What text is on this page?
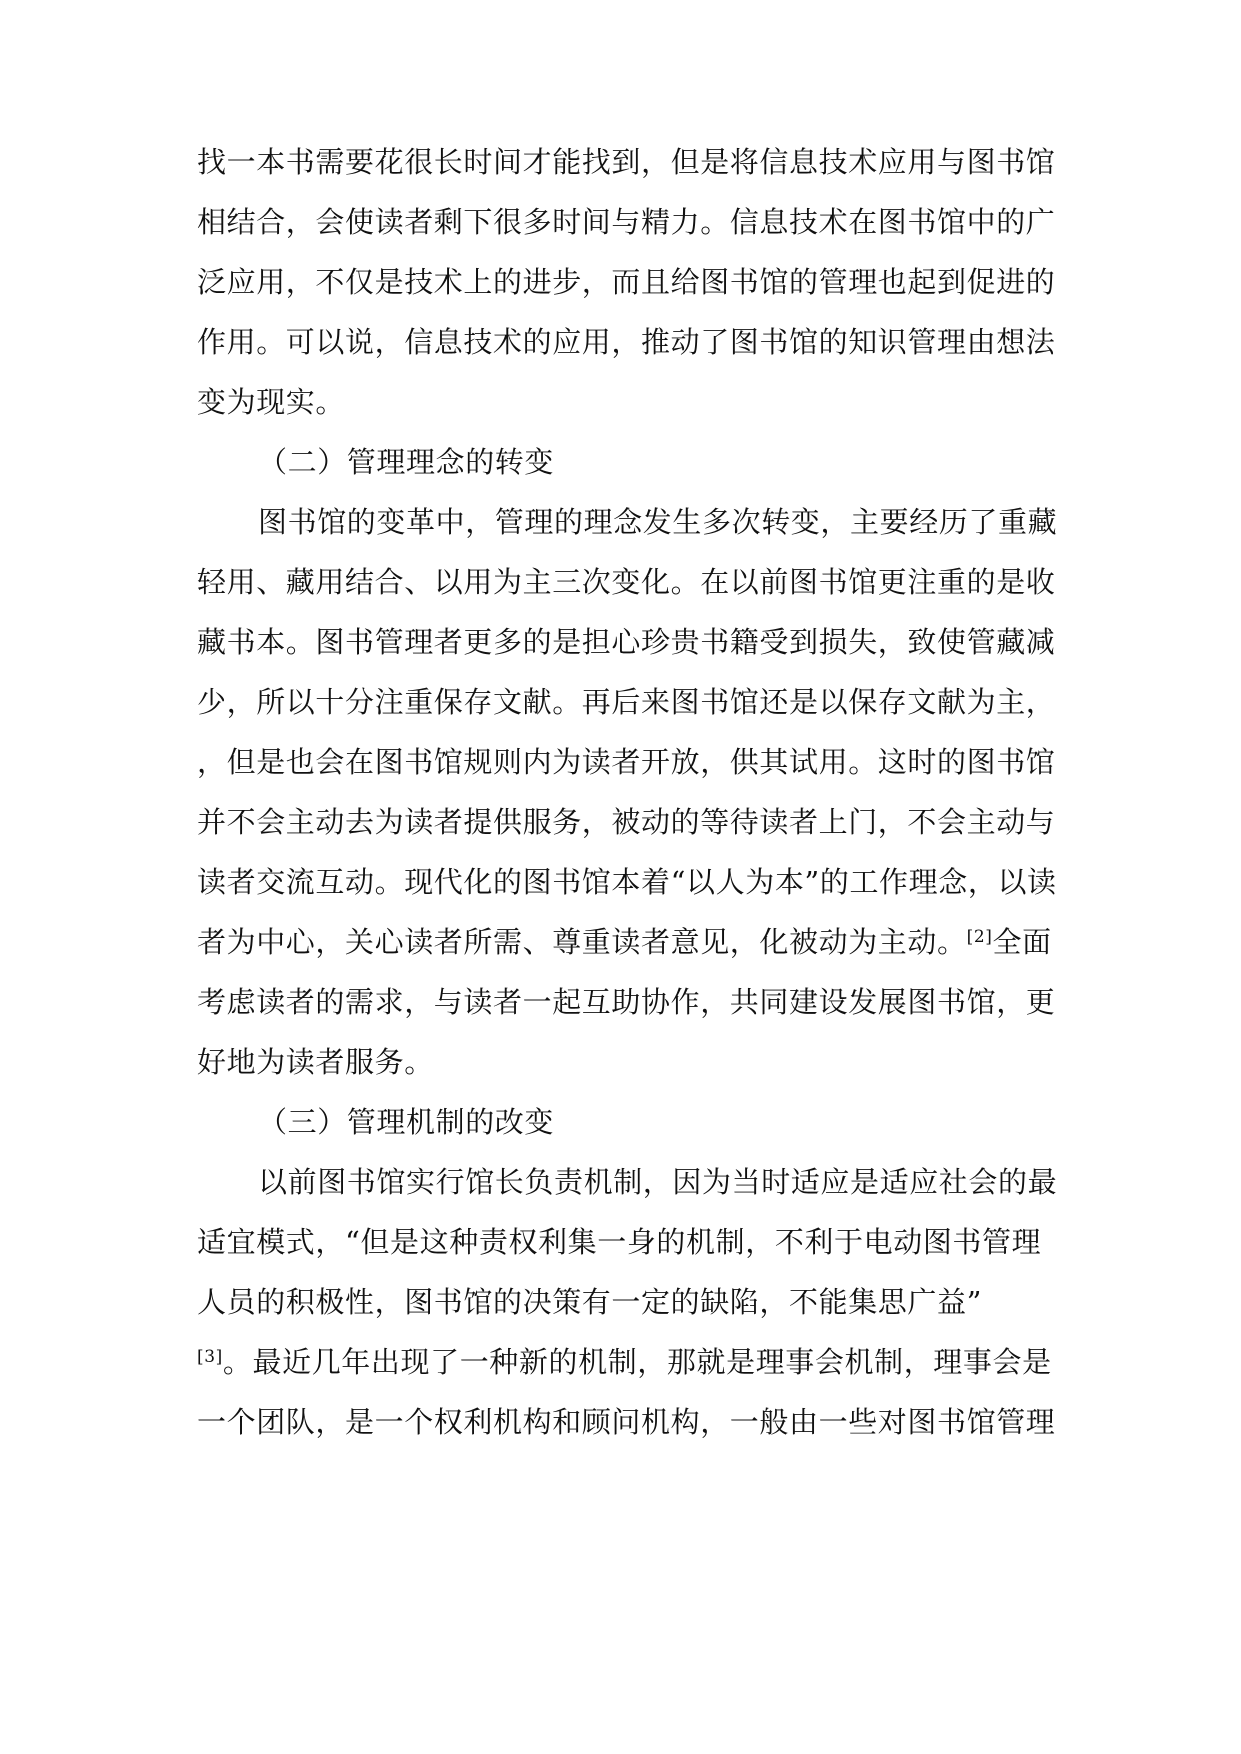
找一本书需要花很长时间才能找到，但是将信息技术应用与图书馆
相结合，会使读者剩下很多时间与精力。信息技术在图书馆中的广
泛应用，不仅是技术上的进步，而且给图书馆的管理也起到促进的
作用。可以说，信息技术的应用，推动了图书馆的知识管理由想法
变为现实。
（二）管理理念的转变
图书馆的变革中，管理的理念发生多次转变，主要经历了重藏
轻用、藏用结合、以用为主三次变化。在以前图书馆更注重的是收
藏书本。图书管理者更多的是担心珍贵书籍受到损失，致使管藏减
少，所以十分注重保存文献。再后来图书馆还是以保存文献为主，
，但是也会在图书馆规则内为读者开放，供其试用。这时的图书馆
并不会主动去为读者提供服务，被动的等待读者上门，不会主动与
读者交流互动。现代化的图书馆本着“以人为本”的工作理念，以读
者为中心，关心读者所需、尊重读者意见，化被动为主动。[2]全面
考虑读者的需求，与读者一起互助协作，共同建设发展图书馆，更
好地为读者服务。
（三）管理机制的改变
以前图书馆实行馆长负责机制，因为当时适应是适应社会的最
适宜模式，“但是这种责权利集一身的机制，不利于电动图书管理
人员的积极性，图书馆的决策有一定的缺陷，不能集思广益”
[3]。最近几年出现了一种新的机制，那就是理事会机制，理事会是
一个团队，是一个权利机构和顾问机构，一般由一些对图书馆管理
